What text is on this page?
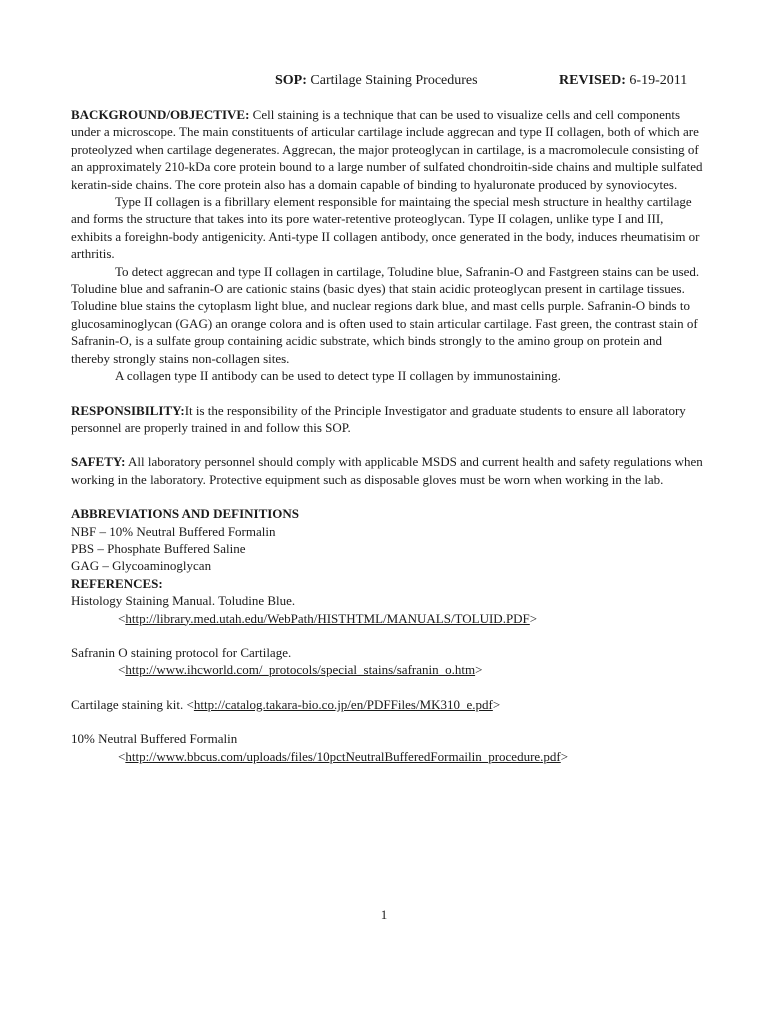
SOP: Cartilage Staining Procedures	REVISED: 6-19-2011

BACKGROUND/OBJECTIVE: Cell staining is a technique that can be used to visualize cells and cell components under a microscope. The main constituents of articular cartilage include aggrecan and type II collagen, both of which are proteolyzed when cartilage degenerates. Aggrecan, the major proteoglycan in cartilage, is a macromolecule consisting of an approximately 210-kDa core protein bound to a large number of sulfated chondroitin-side chains and multiple sulfated keratin-side chains. The core protein also has a domain capable of binding to hyaluronate produced by synoviocytes.

Type II collagen is a fibrillary element responsible for maintaing the special mesh structure in healthy cartilage and forms the structure that takes into its pore water-retentive proteoglycan. Type II colagen, unlike type I and III, exhibits a foreighn-body antigenicity. Anti-type II collagen antibody, once generated in the body, induces rheumatisim or arthritis.

To detect aggrecan and type II collagen in cartilage, Toludine blue, Safranin-O and Fastgreen stains can be used. Toludine blue and safranin-O are cationic stains (basic dyes) that stain acidic proteoglycan present in cartilage tissues. Toludine blue stains the cytoplasm light blue, and nuclear regions dark blue, and mast cells purple. Safranin-O binds to glucosaminoglycan (GAG) an orange colora and is often used to stain articular cartilage. Fast green, the contrast stain of Safranin-O, is a sulfate group containing acidic substrate, which binds strongly to the amino group on protein and thereby strongly stains non-collagen sites.

A collagen type II antibody can be used to detect type II collagen by immunostaining.

RESPONSIBILITY:It is the responsibility of the Principle Investigator and graduate students to ensure all laboratory personnel are properly trained in and follow this SOP.

SAFETY: All laboratory personnel should comply with applicable MSDS and current health and safety regulations when working in the laboratory. Protective equipment such as disposable gloves must be worn when working in the lab.

ABBREVIATIONS AND DEFINITIONS

NBF – 10% Neutral Buffered Formalin

PBS – Phosphate Buffered Saline

GAG – Glycoaminoglycan

REFERENCES:

Histology Staining Manual. Toludine Blue.

<http://library.med.utah.edu/WebPath/HISTHTML/MANUALS/TOLUID.PDF>

Safranin O staining protocol for Cartilage.

<http://www.ihcworld.com/_protocols/special_stains/safranin_o.htm>

Cartilage staining kit. <http://catalog.takara-bio.co.jp/en/PDFFiles/MK310_e.pdf>

10% Neutral Buffered Formalin

<http://www.bbcus.com/uploads/files/10pctNeutralBufferedFormailin_procedure.pdf>

1
